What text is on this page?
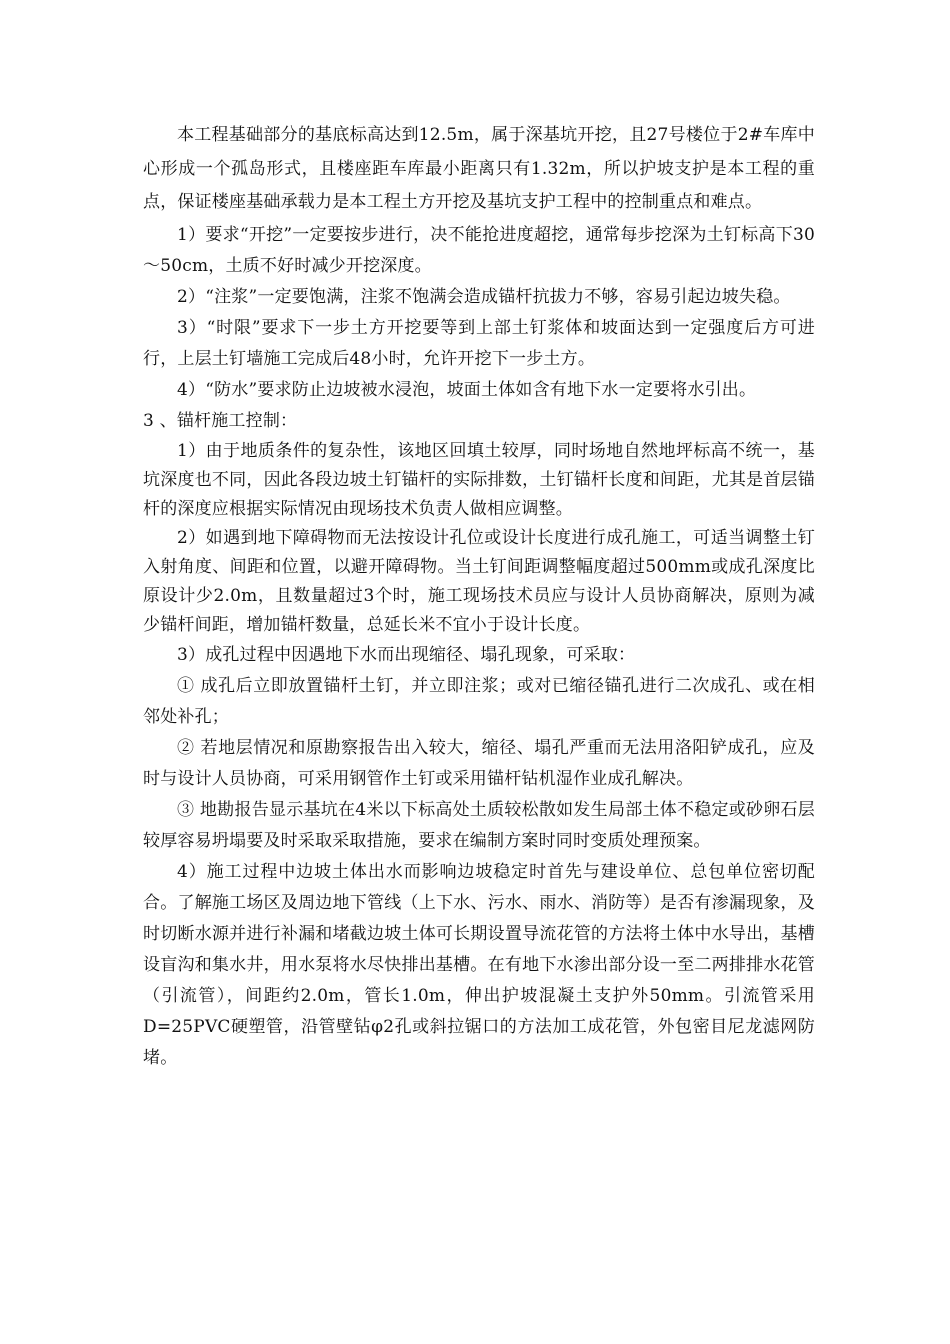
本工程基础部分的基底标高达到12.5m，属于深基坑开挖，且27号楼位于2#车库中心形成一个孤岛形式，且楼座距车库最小距离只有1.32m，所以护坡支护是本工程的重点，保证楼座基础承载力是本工程土方开挖及基坑支护工程中的控制重点和难点。

1）要求“开挖”一定要按步进行，决不能抢进度超挖，通常每步挖深为土钉标高下30～50cm，土质不好时减少开挖深度。

2）“注浆”一定要饱满，注浆不饱满会造成锚杆抗拔力不够，容易引起边坡失稳。

3）“时限”要求下一步土方开挖要等到上部土钉浆体和坡面达到一定强度后方可进行，上层土钉墙施工完成后48小时，允许开挖下一步土方。

4）“防水”要求防止边坡被水浸泡，坡面土体如含有地下水一定要将水引出。

3 、锚杆施工控制：

1）由于地质条件的复杂性，该地区回填土较厚，同时场地自然地坪标高不统一，基坑深度也不同，因此各段边坡土钉锚杆的实际排数，土钉锚杆长度和间距，尤其是首层锚杆的深度应根据实际情况由现场技术负责人做相应调整。

2）如遇到地下障碍物而无法按设计孔位或设计长度进行成孔施工，可适当调整土钉入射角度、间距和位置，以避开障碍物。当土钉间距调整幅度超过500mm或成孔深度比原设计少2.0m，且数量超过3个时，施工现场技术员应与设计人员协商解决，原则为减少锚杆间距，增加锚杆数量，总延长米不宜小于设计长度。

3）成孔过程中因遇地下水而出现缩径、塌孔现象，可采取：

① 成孔后立即放置锚杆土钉，并立即注浆；或对已缩径锚孔进行二次成孔、或在相邻处补孔；

② 若地层情况和原勘察报告出入较大，缩径、塌孔严重而无法用洛阳铲成孔，应及时与设计人员协商，可采用钢管作土钉或采用锚杆钻机湿作业成孔解决。

③ 地勘报告显示基坑在4米以下标高处土质较松散如发生局部土体不稳定或砂卵石层较厚容易坍塌要及时采取采取措施，要求在编制方案时同时变质处理预案。

4）施工过程中边坡土体出水而影响边坡稳定时首先与建设单位、总包单位密切配合。了解施工场区及周边地下管线（上下水、污水、雨水、消防等）是否有渗漏现象，及时切断水源并进行补漏和堵截边坡土体可长期设置导流花管的方法将土体中水导出，基槽设盲沟和集水井，用水泵将水尽快排出基槽。在有地下水渗出部分设一至二两排排水花管（引流管），间距约2.0m，管长1.0m，伸出护坡混凝土支护外50mm。引流管采用D=25PVC硬塑管，沿管壁钻φ2孔或斜拉锯口的方法加工成花管，外包密目尼龙滤网防堵。
